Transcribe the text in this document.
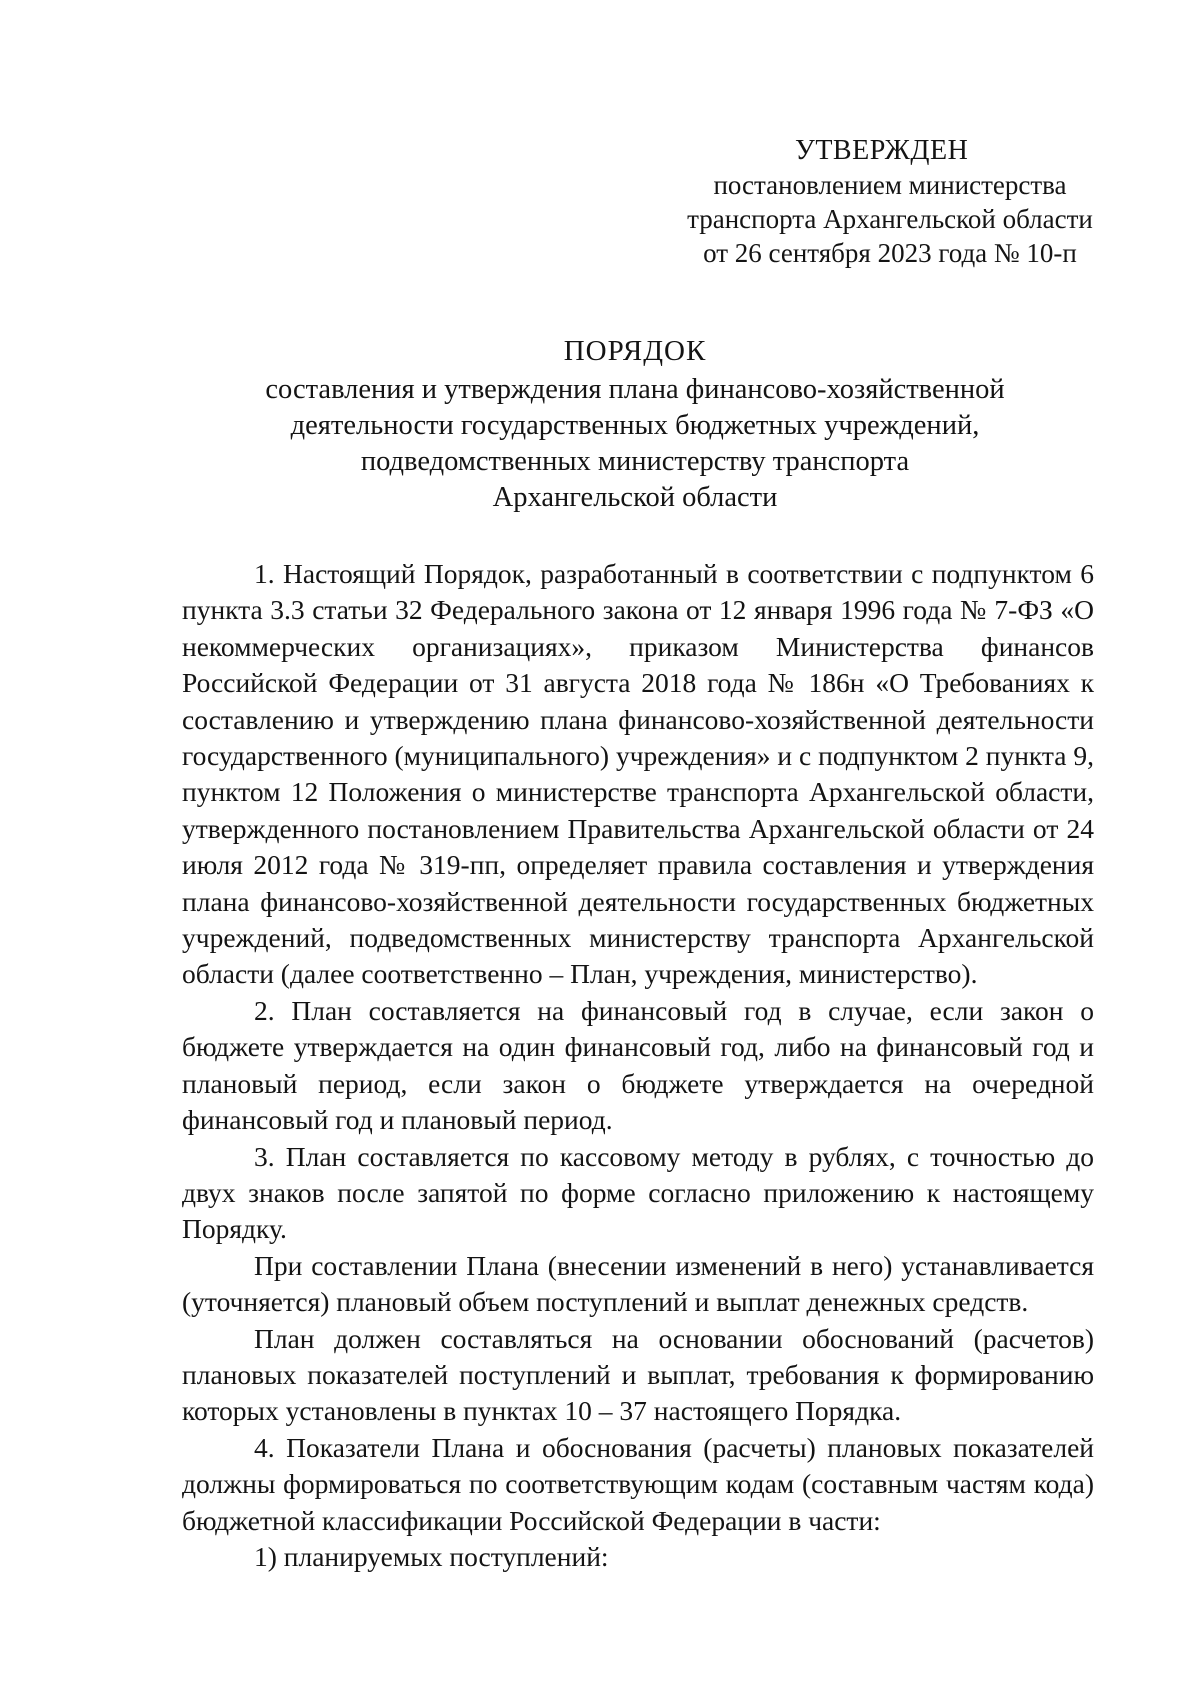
УТВЕРЖДЕН
постановлением министерства
транспорта Архангельской области
от 26 сентября 2023 года № 10-п
ПОРЯДОК
составления и утверждения плана финансово-хозяйственной
деятельности государственных бюджетных учреждений,
подведомственных министерству транспорта
Архангельской области

1. Настоящий Порядок, разработанный в соответствии с подпунктом 6 пункта 3.3 статьи 32 Федерального закона от 12 января 1996 года № 7-ФЗ «О некоммерческих организациях», приказом Министерства финансов Российской Федерации от 31 августа 2018 года № 186н «О Требованиях к составлению и утверждению плана финансово-хозяйственной деятельности государственного (муниципального) учреждения» и с подпунктом 2 пункта 9, пунктом 12 Положения о министерстве транспорта Архангельской области, утвержденного постановлением Правительства Архангельской области от 24 июля 2012 года № 319-пп, определяет правила составления и утверждения плана финансово-хозяйственной деятельности государственных бюджетных учреждений, подведомственных министерству транспорта Архангельской области (далее соответственно – План, учреждения, министерство).

2. План составляется на финансовый год в случае, если закон о бюджете утверждается на один финансовый год, либо на финансовый год и плановый период, если закон о бюджете утверждается на очередной финансовый год и плановый период.

3. План составляется по кассовому методу в рублях, с точностью до двух знаков после запятой по форме согласно приложению к настоящему Порядку.

При составлении Плана (внесении изменений в него) устанавливается (уточняется) плановый объем поступлений и выплат денежных средств.

План должен составляться на основании обоснований (расчетов) плановых показателей поступлений и выплат, требования к формированию которых установлены в пунктах 10 – 37 настоящего Порядка.

4. Показатели Плана и обоснования (расчеты) плановых показателей должны формироваться по соответствующим кодам (составным частям кода) бюджетной классификации Российской Федерации в части:

1) планируемых поступлений:
